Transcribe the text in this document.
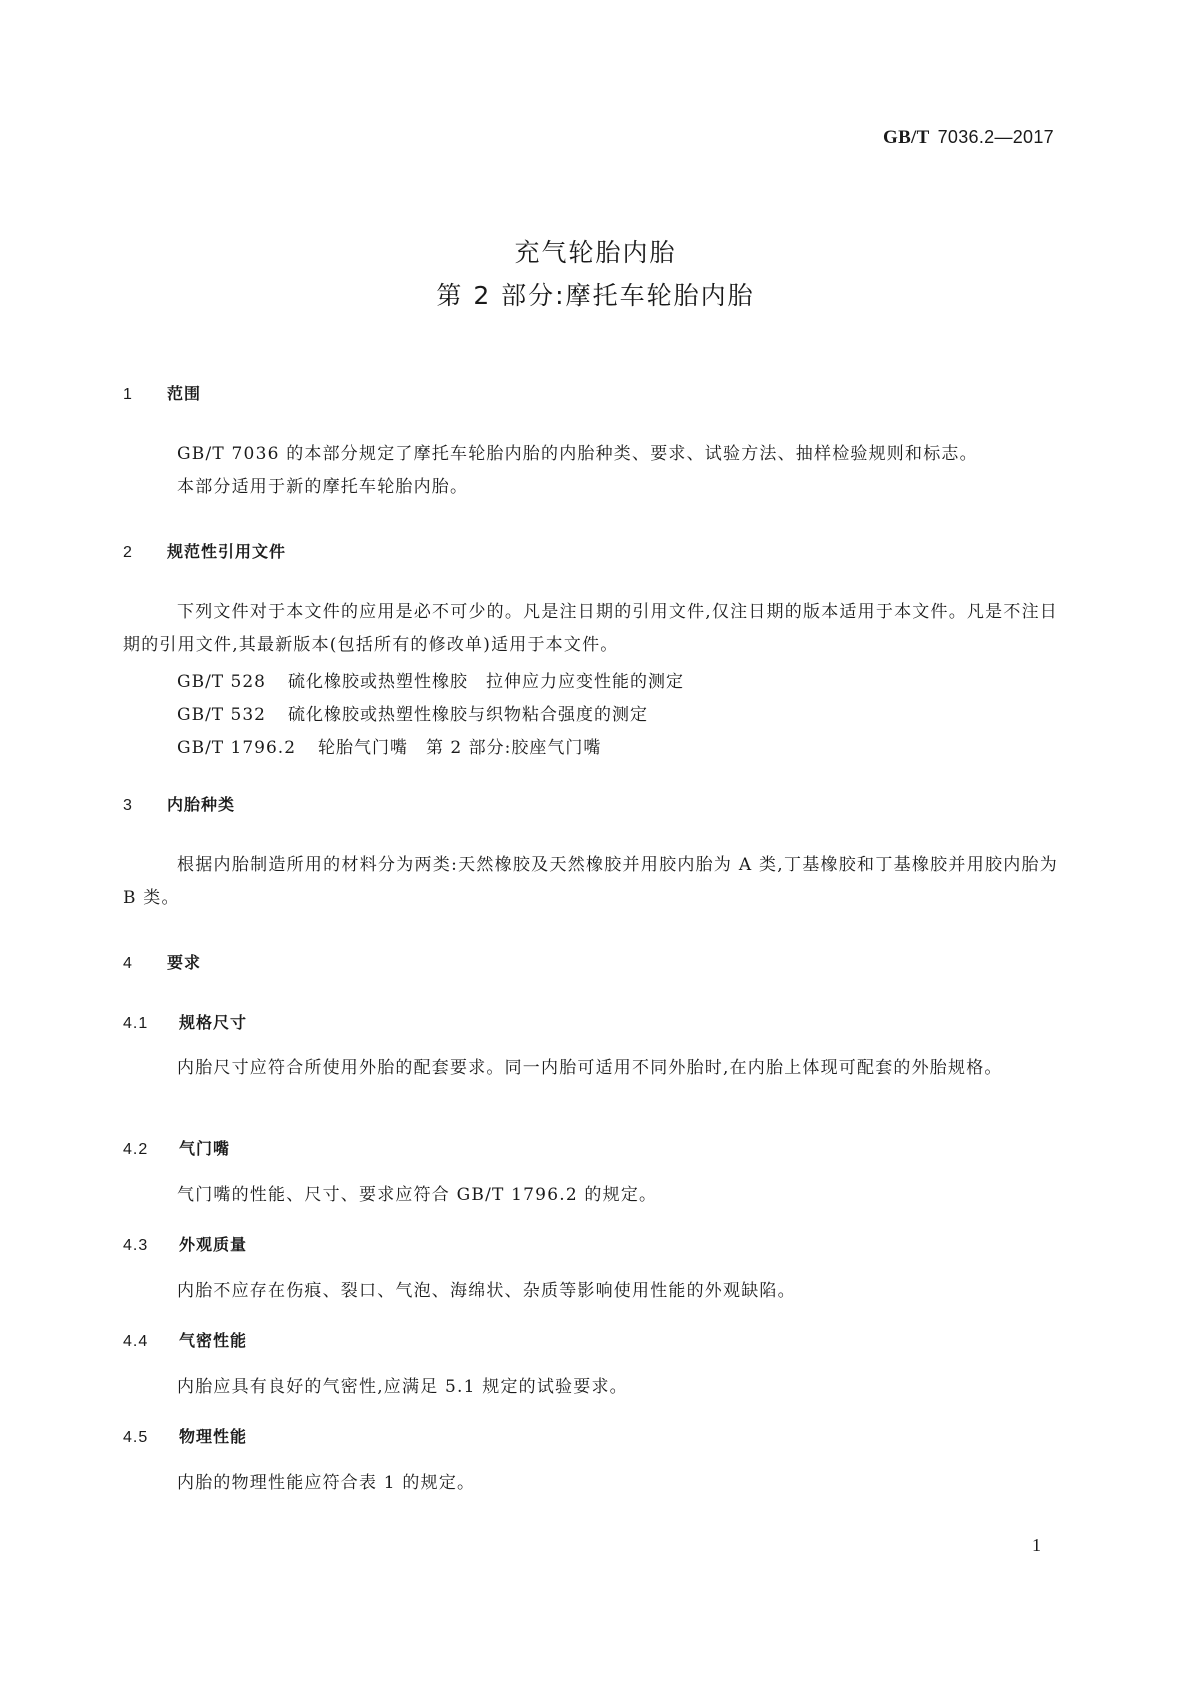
GB/T 7036.2—2017
充气轮胎内胎
第 2 部分:摩托车轮胎内胎
1 范围
GB/T 7036 的本部分规定了摩托车轮胎内胎的内胎种类、要求、试验方法、抽样检验规则和标志。
本部分适用于新的摩托车轮胎内胎。
2 规范性引用文件
下列文件对于本文件的应用是必不可少的。凡是注日期的引用文件,仅注日期的版本适用于本文件。凡是不注日期的引用文件,其最新版本(包括所有的修改单)适用于本文件。
GB/T 528 硫化橡胶或热塑性橡胶 拉伸应力应变性能的测定
GB/T 532 硫化橡胶或热塑性橡胶与织物粘合强度的测定
GB/T 1796.2 轮胎气门嘴 第 2 部分:胶座气门嘴
3 内胎种类
根据内胎制造所用的材料分为两类:天然橡胶及天然橡胶并用胶内胎为 A 类,丁基橡胶和丁基橡胶并用胶内胎为 B 类。
4 要求
4.1 规格尺寸
内胎尺寸应符合所使用外胎的配套要求。同一内胎可适用不同外胎时,在内胎上体现可配套的外胎规格。
4.2 气门嘴
气门嘴的性能、尺寸、要求应符合 GB/T 1796.2 的规定。
4.3 外观质量
内胎不应存在伤痕、裂口、气泡、海绵状、杂质等影响使用性能的外观缺陷。
4.4 气密性能
内胎应具有良好的气密性,应满足 5.1 规定的试验要求。
4.5 物理性能
内胎的物理性能应符合表 1 的规定。
1
